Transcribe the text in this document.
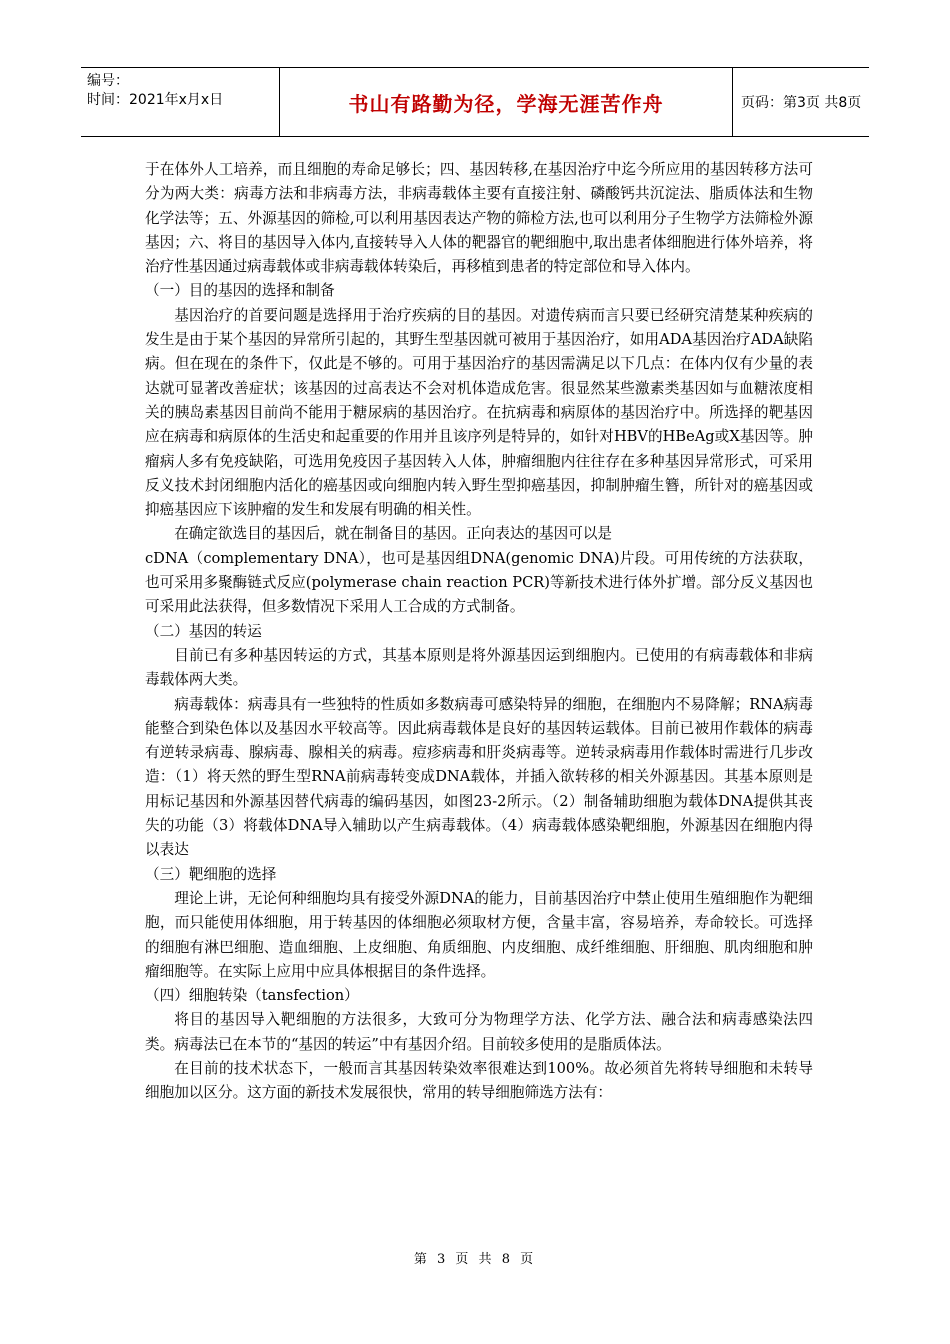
编号：
时间：2021年x月x日	书山有路勤为径，学海无涯苦作舟	页码：第3页 共8页

于在体外人工培养，而且细胞的寿命足够长；四、基因转移,在基因治疗中迄今所应用的基因转移方法可分为两大类：病毒方法和非病毒方法，非病毒载体主要有直接注射、磷酸钙共沉淀法、脂质体法和生物化学法等；五、外源基因的筛检,可以利用基因表达产物的筛检方法,也可以利用分子生物学方法筛检外源基因；六、将目的基因导入体内,直接转导入人体的靶器官的靶细胞中,取出患者体细胞进行体外培养，将治疗性基因通过病毒载体或非病毒载体转染后，再移植到患者的特定部位和导入体内。

（一）目的基因的选择和制备

基因治疗的首要问题是选择用于治疗疾病的目的基因。对遗传病而言只要已经研究清楚某种疾病的发生是由于某个基因的异常所引起的，其野生型基因就可被用于基因治疗，如用ADA基因治疗ADA缺陷病。但在现在的条件下，仅此是不够的。可用于基因治疗的基因需满足以下几点：在体内仅有少量的表达就可显著改善症状；该基因的过高表达不会对机体造成危害。很显然某些激素类基因如与血糖浓度相关的胰岛素基因目前尚不能用于糖尿病的基因治疗。在抗病毒和病原体的基因治疗中。所选择的靶基因应在病毒和病原体的生活史和起重要的作用并且该序列是特异的，如针对HBV的HBeAg或X基因等。肿瘤病人多有免疫缺陷，可选用免疫因子基因转入人体，肿瘤细胞内往往存在多种基因异常形式，可采用反义技术封闭细胞内活化的癌基因或向细胞内转入野生型抑癌基因，抑制肿瘤生簪，所针对的癌基因或抑癌基因应下该肿瘤的发生和发展有明确的相关性。

在确定欲选目的基因后，就在制备目的基因。正向表达的基因可以是

cDNA（complementary DNA），也可是基因组DNA(genomic DNA)片段。可用传统的方法获取，也可采用多聚酶链式反应(polymerase chain reaction PCR)等新技术进行体外扩增。部分反义基因也可采用此法获得，但多数情况下采用人工合成的方式制备。

（二）基因的转运

目前已有多种基因转运的方式，其基本原则是将外源基因运到细胞内。已使用的有病毒载体和非病毒载体两大类。

病毒载体：病毒具有一些独特的性质如多数病毒可感染特异的细胞，在细胞内不易降解；RNA病毒能整合到染色体以及基因水平较高等。因此病毒载体是良好的基因转运载体。目前已被用作载体的病毒有逆转录病毒、腺病毒、腺相关的病毒。痘疹病毒和肝炎病毒等。逆转录病毒用作载体时需进行几步改造：（1）将天然的野生型RNA前病毒转变成DNA载体，并插入欲转移的相关外源基因。其基本原则是用标记基因和外源基因替代病毒的编码基因，如图23-2所示。（2）制备辅助细胞为载体DNA提供其丧失的功能（3）将载体DNA导入辅助以产生病毒载体。（4）病毒载体感染靶细胞，外源基因在细胞内得以表达

（三）靶细胞的选择

理论上讲，无论何种细胞均具有接受外源DNA的能力，目前基因治疗中禁止使用生殖细胞作为靶细胞，而只能使用体细胞，用于转基因的体细胞必须取材方便，含量丰富，容易培养，寿命较长。可选择的细胞有淋巴细胞、造血细胞、上皮细胞、角质细胞、内皮细胞、成纤维细胞、肝细胞、肌肉细胞和肿瘤细胞等。在实际上应用中应具体根据目的条件选择。

（四）细胞转染（tansfection）

将目的基因导入靶细胞的方法很多，大致可分为物理学方法、化学方法、融合法和病毒感染法四类。病毒法已在本节的“基因的转运”中有基因介绍。目前较多使用的是脂质体法。

在目前的技术状态下，一般而言其基因转染效率很难达到100%。故必须首先将转导细胞和未转导细胞加以区分。这方面的新技术发展很快，常用的转导细胞筛选方法有：

第 3 页 共 8 页
